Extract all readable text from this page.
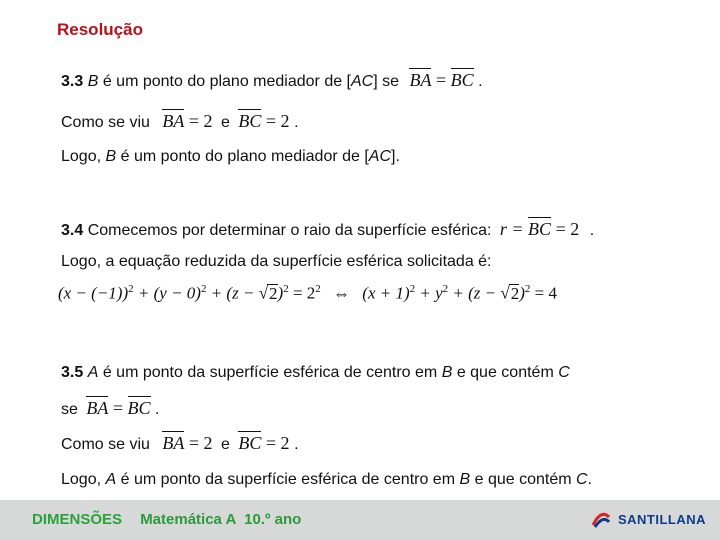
Resolução
3.3 B é um ponto do plano mediador de [AC] se BA = BC .
Como se viu BA = 2 e BC = 2 .
Logo, B é um ponto do plano mediador de [AC].
3.4 Comecemos por determinar o raio da superfície esférica: r = BC = 2 .
Logo, a equação reduzida da superfície esférica solicitada é:
$(x - (-1))^2 + (y - 0)^2 + (z - √2)^2 = 2^2$ ⇔ $(x + 1)^2 + y^2 + (z - √2)^2 = 4$
3.5 A é um ponto da superfície esférica de centro em B e que contém C
se BA = BC .
Como se viu BA = 2 e BC = 2 .
Logo, A é um ponto da superfície esférica de centro em B e que contém C.
DIMENSÕES Matemática A  10.º ano	SANTILLANA
